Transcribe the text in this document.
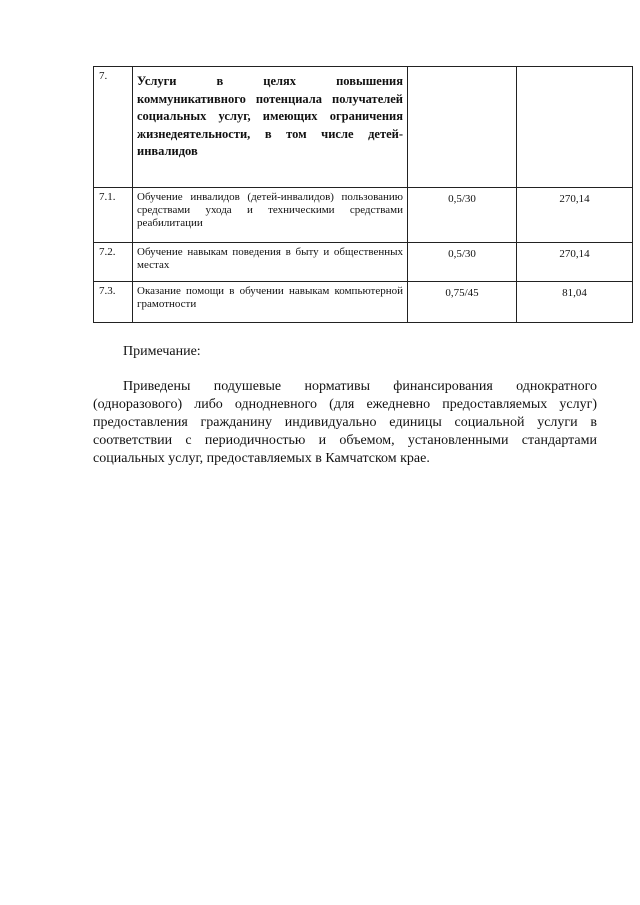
7.	Услуги в целях повышения коммуникативного потенциала получателей социальных услуг, имеющих ограничения жизнедеятельности, в том числе детей-инвалидов		
7.1.	Обучение инвалидов (детей-инвалидов) пользованию средствами ухода и техническими средствами реабилитации	0,5/30	270,14
7.2.	Обучение навыкам поведения в быту и общественных местах	0,5/30	270,14
7.3.	Оказание помощи в обучении навыкам компьютерной грамотности	0,75/45	81,04
Примечание:
Приведены подушевые нормативы финансирования однократного (одноразового) либо однодневного (для ежедневно предоставляемых услуг) предоставления гражданину индивидуально единицы социальной услуги в соответствии с периодичностью и объемом, установленными стандартами социальных услуг, предоставляемых в Камчатском крае.
